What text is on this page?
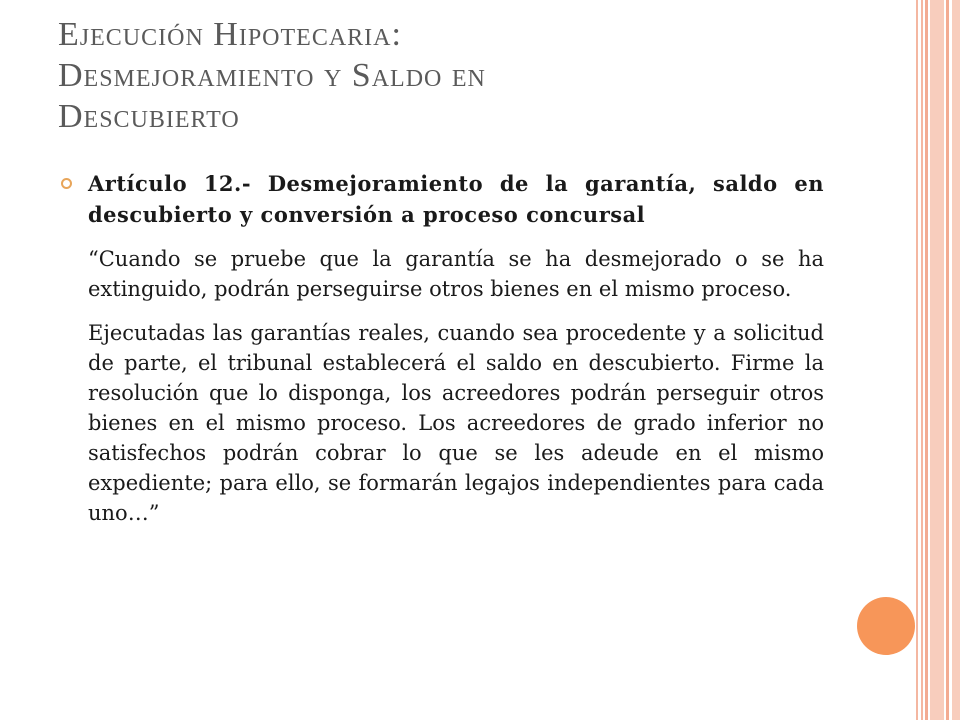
Ejecución Hipotecaria:
Desmejoramiento y Saldo en
Descubierto

Artículo 12.- Desmejoramiento de la garantía, saldo en descubierto y conversión a proceso concursal

“Cuando se pruebe que la garantía se ha desmejorado o se ha extinguido, podrán perseguirse otros bienes en el mismo proceso.

Ejecutadas las garantías reales, cuando sea procedente y a solicitud de parte, el tribunal establecerá el saldo en descubierto. Firme la resolución que lo disponga, los acreedores podrán perseguir otros bienes en el mismo proceso. Los acreedores de grado inferior no satisfechos podrán cobrar lo que se les adeude en el mismo expediente; para ello, se formarán legajos independientes para cada uno…”
